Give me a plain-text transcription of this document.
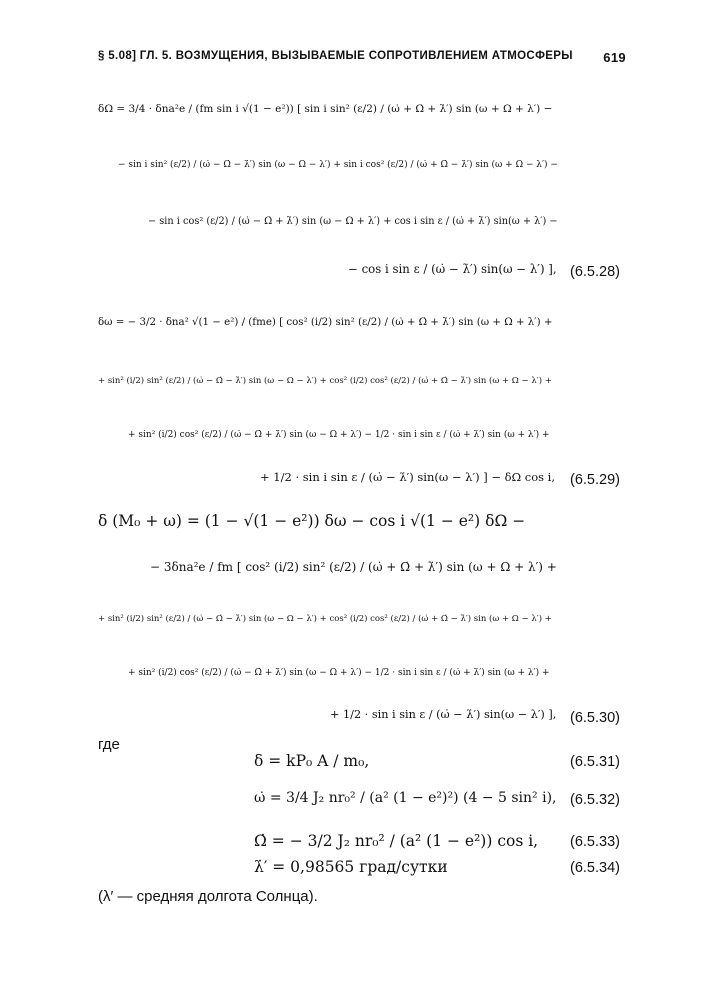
§ 5.08] ГЛ. 5. ВОЗМУЩЕНИЯ, ВЫЗЫВАЕМЫЕ СОПРОТИВЛЕНИЕМ АТМОСФЕРЫ 619
δΩ = 3/4 · δna²e / (fm sin i √(1 − e²)) [ sin i sin² (ε/2) / (ω̇ + Ω̇ + λ̇′) sin (ω + Ω + λ′) −
− sin i sin² (ε/2) / (ω̇ − Ω̇ − λ̇′) sin (ω − Ω − λ′) + sin i cos² (ε/2) / (ω̇ + Ω̇ − λ̇′) sin (ω + Ω − λ′) −
− sin i cos² (ε/2) / (ω̇ − Ω̇ + λ̇′) sin (ω − Ω + λ′) + cos i sin ε / (ω̇ + λ̇′) sin(ω + λ′) −
− cos i sin ε / (ω̇ − λ̇′) sin(ω − λ′) ], (6.5.28)
δω = − 3/2 · δna² √(1 − e²) / (fme) [ cos² (i/2) sin² (ε/2) / (ω̇ + Ω̇ + λ̇′) sin (ω + Ω + λ′) +
+ sin² (i/2) sin² (ε/2) / (ω̇ − Ω̇ − λ̇′) sin (ω − Ω − λ′) + cos² (i/2) cos² (ε/2) / (ω̇ + Ω̇ − λ̇′) sin (ω + Ω − λ′) +
+ sin² (i/2) cos² (ε/2) / (ω̇ − Ω̇ + λ̇′) sin (ω − Ω + λ′) − 1/2 · sin i sin ε / (ω̇ + λ̇′) sin (ω + λ′) +
+ 1/2 · sin i sin ε / (ω̇ − λ̇′) sin(ω − λ′) ] − δΩ cos i, (6.5.29)
δ (M₀ + ω) = (1 − √(1 − e²)) δω − cos i √(1 − e²) δΩ −
− 3δna²e / fm [ cos² (i/2) sin² (ε/2) / (ω̇ + Ω̇ + λ̇′) sin (ω + Ω + λ′) +
+ sin² (i/2) sin² (ε/2) / (ω̇ − Ω̇ − λ̇′) sin (ω − Ω − λ′) + cos² (i/2) cos² (ε/2) / (ω̇ + Ω̇ − λ̇′) sin (ω + Ω − λ′) +
+ sin² (i/2) cos² (ε/2) / (ω̇ − Ω̇ + λ̇′) sin (ω − Ω + λ′) − 1/2 · sin i sin ε / (ω̇ + λ̇′) sin (ω + λ′) +
+ 1/2 · sin i sin ε / (ω̇ − λ̇′) sin(ω − λ′) ], (6.5.30)
где
δ = kP₀ A / m₀,	(6.5.31)
ω̇ = 3/4 J₂ nr₀² / (a² (1 − e²)²) (4 − 5 sin² i), (6.5.32)
Ω̇ = − 3/2 J₂ nr₀² / (a² (1 − e²)) cos i, (6.5.33)
λ̇′ = 0,98565 град/сутки	(6.5.34)
(λ′ — средняя долгота Солнца).
